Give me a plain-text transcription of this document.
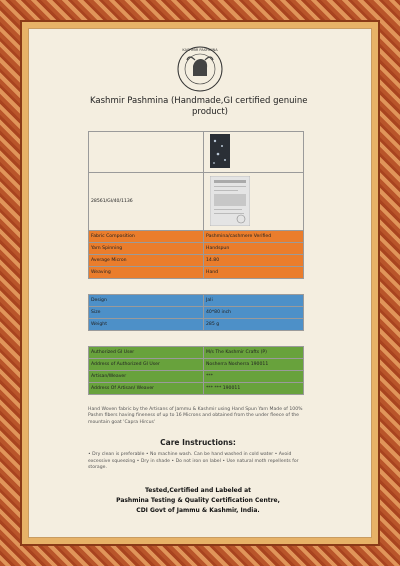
KASHMIR PASHMINA
Kashmir Pashmina (Handmade,GI certified genuine
product)

28561/GI/40/1136	
Fabric Composition	Pashmina/cashmere Verified
Yarn Spinning	Handspun
Average Micron	14.80
Weaving	Hand
Design	Jali
Size	40*80 inch
Weight	285 g
Authorized GI User	M/s The Kashmir Crafts (P)
Address of Authorized GI User	Nosherra Nosherra 190011
Artisan/Weaver	***
Address Of Artisan/ Weaver	*** *** 190011
Hand Woven fabric by the Artisans of Jammu & Kashmir using Hand Spun Yarn Made of 100% Pashm fibers having fineness of up to 16 Microns and obtained from the under fleece of the mountain goat 'Capra Hircus'
Care Instructions:
• Dry clean is preferable • No machine wash. Can be hand washed in cold water • Avoid excessive squeezing • Dry in shade • Do not iron on label • Use natural moth repellents for storage.
Tested,Certified and Labeled at
Pashmina Testing & Quality Certification Centre,
CDI Govt of Jammu & Kashmir, India.
